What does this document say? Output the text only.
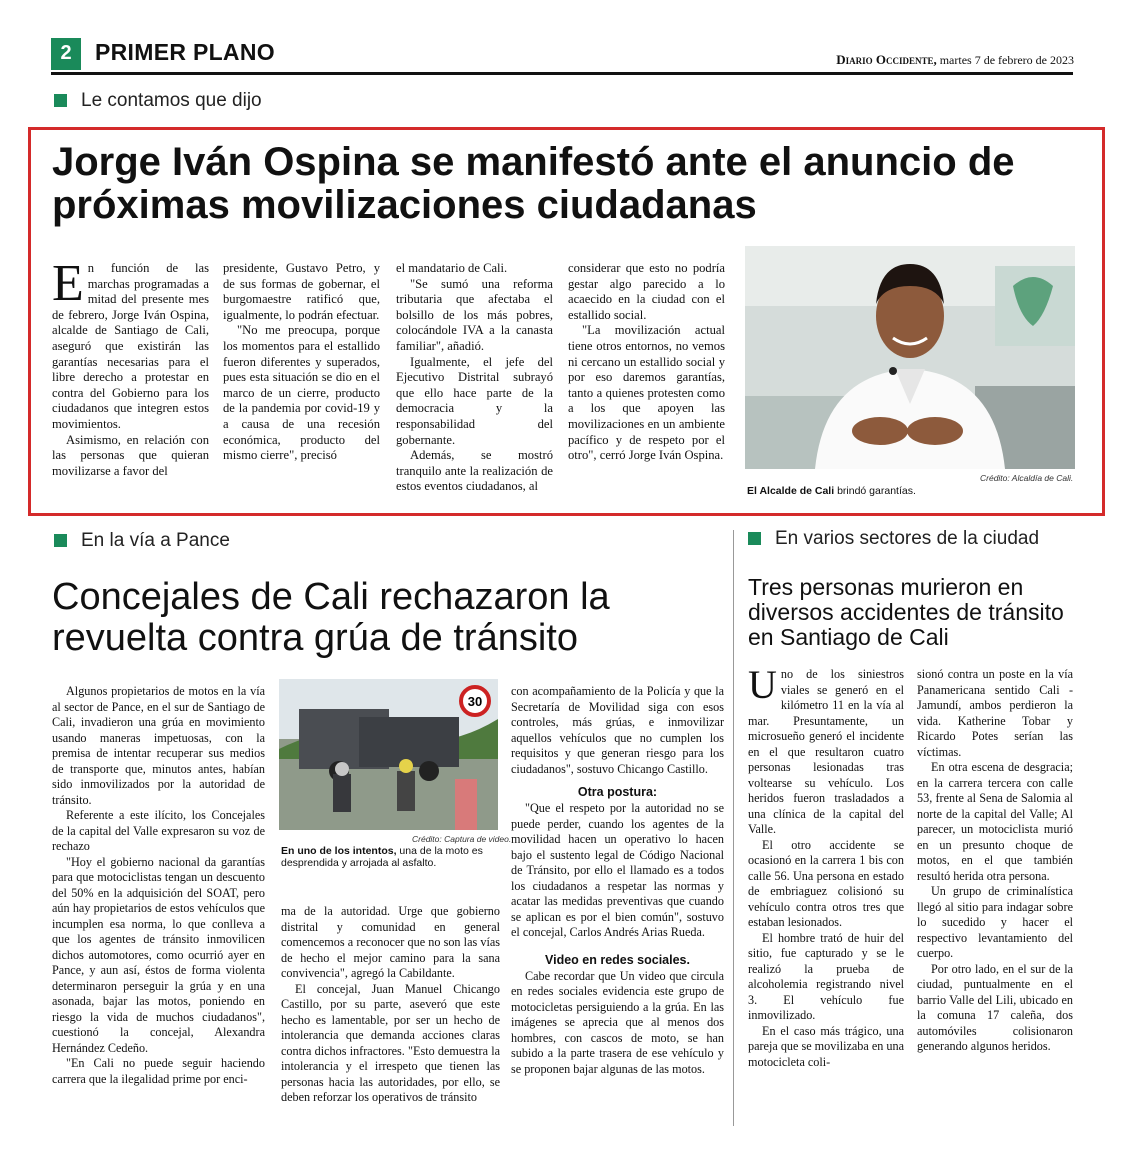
2	PRIMER PLANO	Diario Occidente, martes 7 de febrero de 2023
Le contamos que dijo
Jorge Iván Ospina se manifestó ante el anuncio de próximas movilizaciones ciudadanas
E n función de las marchas programadas a mitad del presente mes de febrero, Jorge Iván Ospina, alcalde de Santiago de Cali, aseguró que existirán las garantías necesarias para el libre derecho a protestar en contra del Gobierno para los ciudadanos que integren estos movimientos.

Asimismo, en relación con las personas que quieran movilizarse a favor del

presidente, Gustavo Petro, y de sus formas de gobernar, el burgomaestre ratificó que, igualmente, lo podrán efectuar.

"No me preocupa, porque los momentos para el estallido fueron diferentes y superados, pues esta situación se dio en el marco de un cierre, producto de la pandemia por covid-19 y a causa de una recesión económica, producto del mismo cierre", precisó

el mandatario de Cali.

"Se sumó una reforma tributaria que afectaba el bolsillo de los más pobres, colocándole IVA a la canasta familiar", añadió.

Igualmente, el jefe del Ejecutivo Distrital subrayó que ello hace parte de la democracia y la responsabilidad del gobernante.

Además, se mostró tranquilo ante la realización de estos eventos ciudadanos, al

considerar que esto no podría gestar algo parecido a lo acaecido en la ciudad con el estallido social.

"La movilización actual tiene otros entornos, no vemos ni cercano un estallido social y por eso daremos garantías, tanto a quienes protesten como a los que apoyen las movilizaciones en un ambiente pacífico y de respeto por el otro", cerró Jorge Iván Ospina.

Crédito: Alcaldía de Cali.
El Alcalde de Cali brindó garantías.
En la vía a Pance
Concejales de Cali rechazaron la revuelta contra grúa de tránsito

Algunos propietarios de motos en la vía al sector de Pance, en el sur de Santiago de Cali, invadieron una grúa en movimiento usando maneras impetuosas, con la premisa de intentar recuperar sus medios de transporte que, minutos antes, habían sido inmovilizados por la autoridad de tránsito.

Referente a este ilícito, los Concejales de la capital del Valle expresaron su voz de rechazo

"Hoy el gobierno nacional da garantías para que motociclistas tengan un descuento del 50% en la adquisición del SOAT, pero aún hay propietarios de estos vehículos que incumplen esa norma, lo que conlleva a que los agentes de tránsito inmovilicen dichos automotores, como ocurrió ayer en Pance, y aun así, éstos de forma violenta determinaron perseguir la grúa y en una asonada, bajar las motos, poniendo en riesgo la vida de muchos ciudadanos", cuestionó la concejal, Alexandra Hernández Cedeño.

"En Cali no puede seguir haciendo carrera que la ilegalidad prime por enci-

30
Crédito: Captura de video.
En uno de los intentos, una de la moto es desprendida y arrojada al asfalto.

ma de la autoridad. Urge que gobierno distrital y comunidad en general comencemos a reconocer que no son las vías de hecho el mejor camino para la sana convivencia", agregó la Cabildante.

El concejal, Juan Manuel Chicango Castillo, por su parte, aseveró que este hecho es lamentable, por ser un hecho de intolerancia que demanda acciones claras contra dichos infractores. "Esto demuestra la intolerancia y el irrespeto que tienen las personas hacia las autoridades, por ello, se deben reforzar los operativos de tránsito

con acompañamiento de la Policía y que la Secretaría de Movilidad siga con esos controles, más grúas, e inmovilizar aquellos vehículos que no cumplen los requisitos y que generan riesgo para los ciudadanos", sostuvo Chicango Castillo.

Otra postura:

"Que el respeto por la autoridad no se puede perder, cuando los agentes de la movilidad hacen un operativo lo hacen bajo el sustento legal de Código Nacional de Tránsito, por ello el llamado es a todos los ciudadanos a respetar las normas y acatar las medidas preventivas que cuando se aplican es por el bien común", sostuvo el concejal, Carlos Andrés Arias Rueda.

Video en redes sociales.

Cabe recordar que Un video que circula en redes sociales evidencia este grupo de motocicletas persiguiendo a la grúa. En las imágenes se aprecia que al menos dos hombres, con cascos de moto, se han subido a la parte trasera de ese vehículo y se proponen bajar algunas de las motos.

En varios sectores de la ciudad
Tres personas murieron en diversos accidentes de tránsito en Santiago de Cali
U no de los siniestros viales se generó en el kilómetro 11 en la vía al mar. Presuntamente, un microsueño generó el incidente en el que resultaron cuatro personas lesionadas tras voltearse su vehículo. Los heridos fueron trasladados a una clínica de la capital del Valle.

El otro accidente se ocasionó en la carrera 1 bis con calle 56. Una persona en estado de embriaguez colisionó su vehículo contra otros tres que estaban lesionados.

El hombre trató de huir del sitio, fue capturado y se le realizó la prueba de alcoholemia registrando nivel 3. El vehículo fue inmovilizado.

En el caso más trágico, una pareja que se movilizaba en una motocicleta coli-

sionó contra un poste en la vía Panamericana sentido Cali - Jamundí, ambos perdieron la vida. Katherine Tobar y Ricardo Potes serían las víctimas.

En otra escena de desgracia; en la carrera tercera con calle 53, frente al Sena de Salomia al norte de la capital del Valle; Al parecer, un motociclista murió en un presunto choque de motos, en el que también resultó herida otra persona.

Un grupo de criminalística llegó al sitio para indagar sobre lo sucedido y hacer el respectivo levantamiento del cuerpo.

Por otro lado, en el sur de la ciudad, puntualmente en el barrio Valle del Lili, ubicado en la comuna 17 caleña, dos automóviles colisionaron generando algunos heridos.
